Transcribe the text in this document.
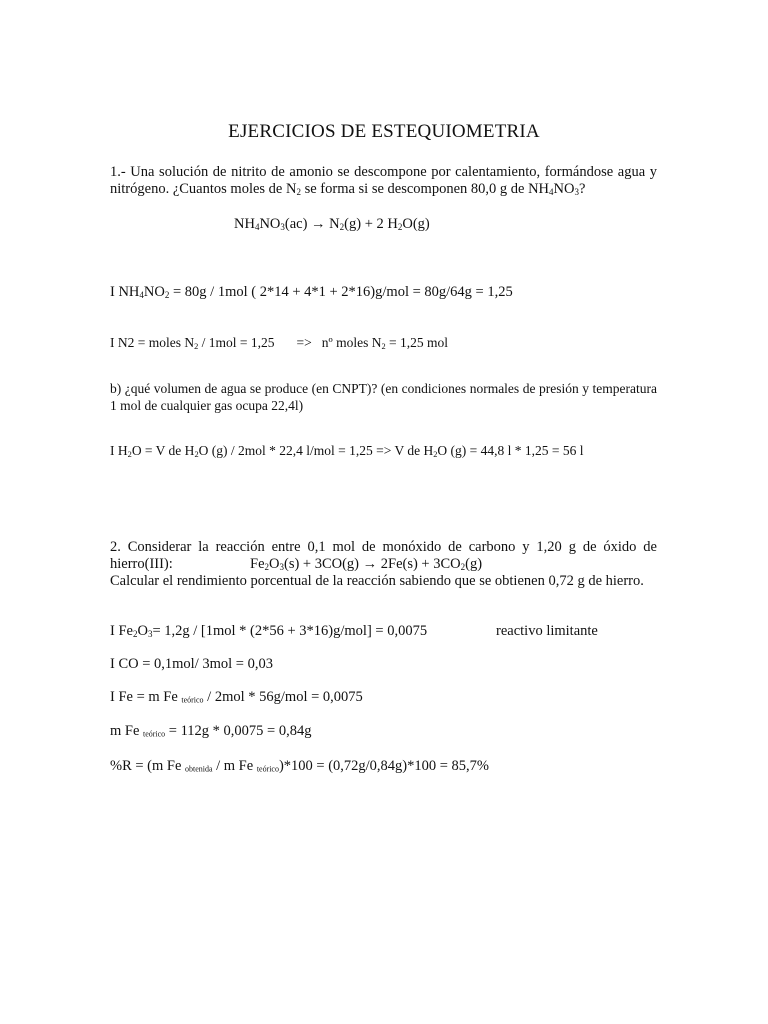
EJERCICIOS DE ESTEQUIOMETRIA
1.- Una solución de nitrito de amonio se descompone por calentamiento, formándose agua y nitrógeno. ¿Cuantos moles de $N_2$ se forma si se descomponen 80,0 g de $NH_4NO_3$?
$NH_4NO_3(ac) \to N_2(g) + 2$ $H_2O(g)$
I $NH_4NO_2 = 80g / 1mol$ ( 2*14 + 4*1 + 2*16)g/mol = 80g/64g = 1,25
I N2 = moles $N_2 / 1mol = 1,25$ => nº moles $N_2 = 1,25$ mol
b) ¿qué volumen de agua se produce (en CNPT)? (en condiciones normales de presión y temperatura 1 mol de cualquier gas ocupa 22,4l)
I $H_2O = V$ de $H_2O$ (g) / 2mol * 22,4 l/mol = 1,25 => V de $H_2O$ (g) = 44,8 l * 1,25 = 56 l
2. Considerar la reacción entre 0,1 mol de monóxido de carbono y 1,20 g de óxido de hierro(III):	$Fe_2O_3(s) + 3CO(g) \to 2Fe(s) + 3CO_2(g)$
Calcular el rendimiento porcentual de la reacción sabiendo que se obtienen 0,72 g de hierro.
I $Fe_2O_3= 1,2g / [1mol * (2*56 + 3*16)g/mol] = 0,0075$	reactivo limitante
I CO = 0,1mol/ 3mol = 0,03
I Fe = m Fe $_{teórico}$ / 2mol * 56g/mol = 0,0075
m Fe $_{teórico}$ = 112g * 0,0075 = 0,84g
%R = (m Fe $_{obtenida}$ / m Fe $_{teórico}$)*100 = (0,72g/0,84g)*100 = 85,7%
